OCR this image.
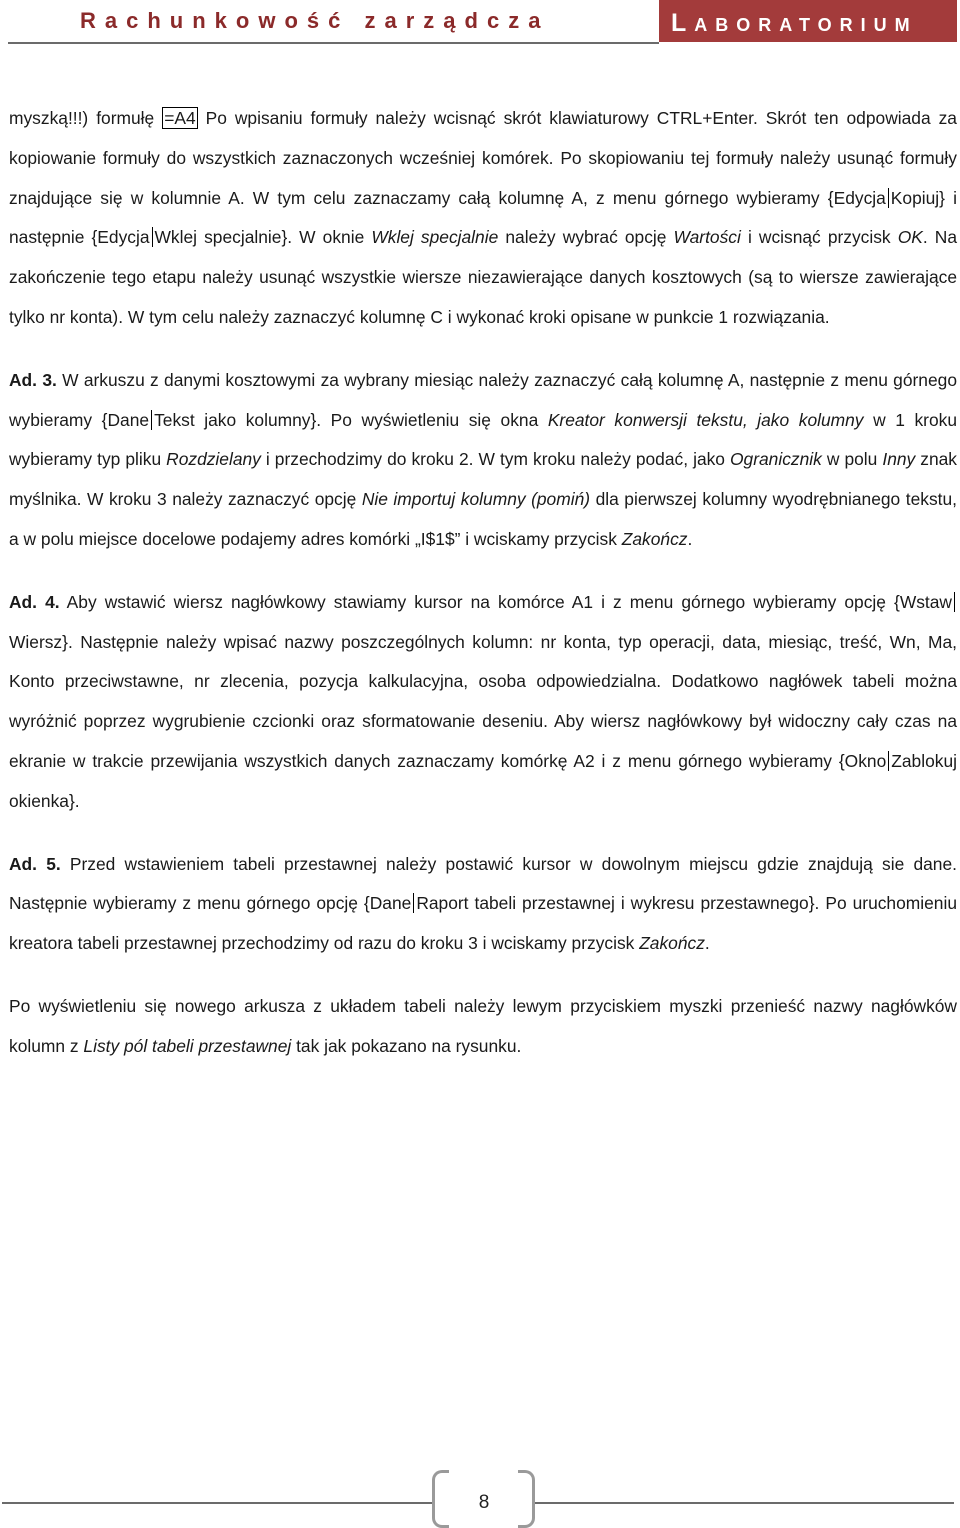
Rachunkowość zarządcza	LABORATORIUM

myszką!!!) formułę =A4 Po wpisaniu formuły należy wcisnąć skrót klawiaturowy CTRL+Enter. Skrót ten odpowiada za kopiowanie formuły do wszystkich zaznaczonych wcześniej komórek. Po skopiowaniu tej formuły należy usunąć formuły znajdujące się w kolumnie A. W tym celu zaznaczamy całą kolumnę A, z menu górnego wybieramy {Edycja Kopiuj} i następnie {Edycja Wklej specjalnie}. W oknie Wklej specjalnie należy wybrać opcję Wartości i wcisnąć przycisk OK. Na zakończenie tego etapu należy usunąć wszystkie wiersze niezawierające danych kosztowych (są to wiersze zawierające tylko nr konta). W tym celu należy zaznaczyć kolumnę C i wykonać kroki opisane w punkcie 1 rozwiązania.

Ad. 3. W arkuszu z danymi kosztowymi za wybrany miesiąc należy zaznaczyć całą kolumnę A, następnie z menu górnego wybieramy {Dane Tekst jako kolumny}. Po wyświetleniu się okna Kreator konwersji tekstu, jako kolumny w 1 kroku wybieramy typ pliku Rozdzielany i przechodzimy do kroku 2. W tym kroku należy podać, jako Ogranicznik w polu Inny znak myślnika. W kroku 3 należy zaznaczyć opcję Nie importuj kolumny (pomiń) dla pierwszej kolumny wyodrębnianego tekstu, a w polu miejsce docelowe podajemy adres komórki „I$1$” i wciskamy przycisk Zakończ.

Ad. 4. Aby wstawić wiersz nagłówkowy stawiamy kursor na komórce A1 i z menu górnego wybieramy opcję {WstawWiersz}. Następnie należy wpisać nazwy poszczególnych kolumn: nr konta, typ operacji, data, miesiąc, treść, Wn, Ma, Konto przeciwstawne, nr zlecenia, pozycja kalkulacyjna, osoba odpowiedzialna. Dodatkowo nagłówek tabeli można wyróżnić poprzez wygrubienie czcionki oraz sformatowanie deseniu. Aby wiersz nagłówkowy był widoczny cały czas na ekranie w trakcie przewijania wszystkich danych zaznaczamy komórkę A2 i z menu górnego wybieramy {Okno Zablokuj okienka}.

Ad. 5. Przed wstawieniem tabeli przestawnej należy postawić kursor w dowolnym miejscu gdzie znajdują sie dane. Następnie wybieramy z menu górnego opcję {Dane Raport tabeli przestawnej i wykresu przestawnego}. Po uruchomieniu kreatora tabeli przestawnej przechodzimy od razu do kroku 3 i wciskamy przycisk Zakończ.

Po wyświetleniu się nowego arkusza z układem tabeli należy lewym przyciskiem myszki przenieść nazwy nagłówków kolumn z Listy pól tabeli przestawnej tak jak pokazano na rysunku.

8
